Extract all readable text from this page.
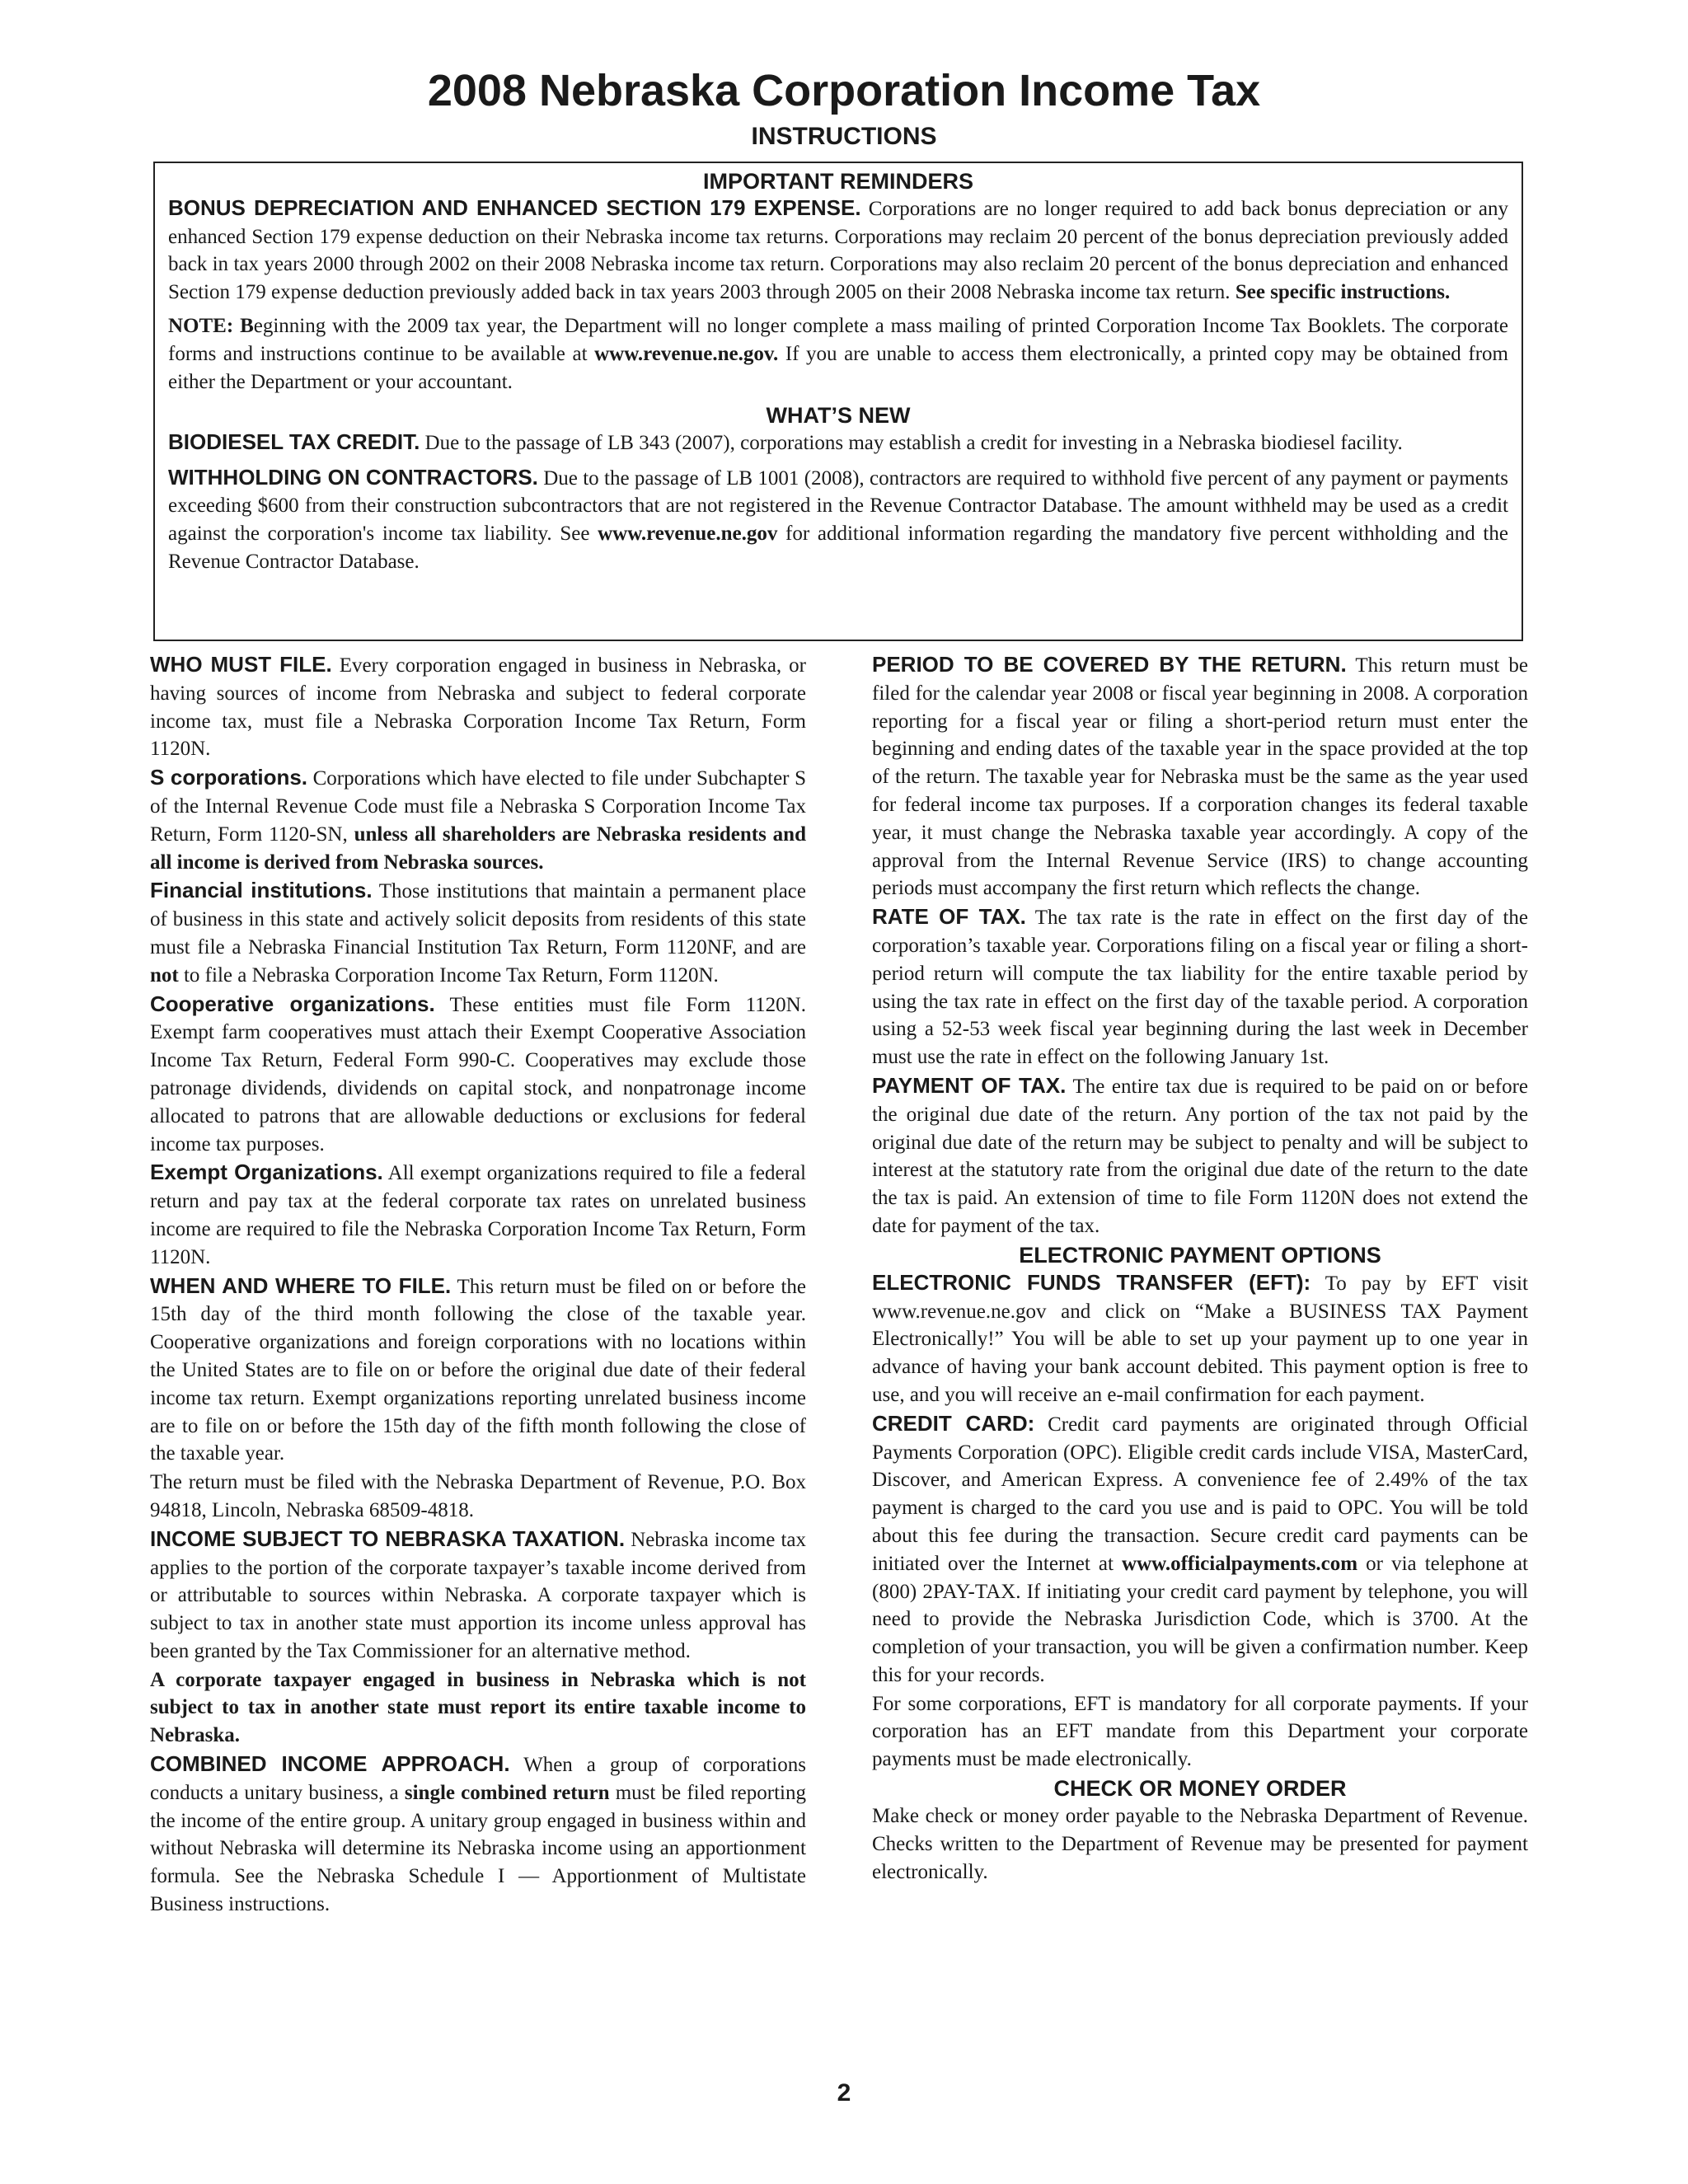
2008 Nebraska Corporation Income Tax
INSTRUCTIONS
IMPORTANT REMINDERS

BONUS DEPRECIATION AND ENHANCED SECTION 179 EXPENSE. Corporations are no longer required to add back bonus depreciation or any enhanced Section 179 expense deduction on their Nebraska income tax returns. Corporations may reclaim 20 percent of the bonus depreciation previously added back in tax years 2000 through 2002 on their 2008 Nebraska income tax return. Corporations may also reclaim 20 percent of the bonus depreciation and enhanced Section 179 expense deduction previously added back in tax years 2003 through 2005 on their 2008 Nebraska income tax return. See specific instructions.

NOTE: Beginning with the 2009 tax year, the Department will no longer complete a mass mailing of printed Corporation Income Tax Booklets. The corporate forms and instructions continue to be available at www.revenue.ne.gov. If you are unable to access them electronically, a printed copy may be obtained from either the Department or your accountant.

WHAT’S NEW

BIODIESEL TAX CREDIT. Due to the passage of LB 343 (2007), corporations may establish a credit for investing in a Nebraska biodiesel facility.

WITHHOLDING ON CONTRACTORS. Due to the passage of LB 1001 (2008), contractors are required to withhold five percent of any payment or payments exceeding $600 from their construction subcontractors that are not registered in the Revenue Contractor Database. The amount withheld may be used as a credit against the corporation's income tax liability. See www.revenue.ne.gov for additional information regarding the mandatory five percent withholding and the Revenue Contractor Database.

WHO MUST FILE. Every corporation engaged in business in Nebraska, or having sources of income from Nebraska and subject to federal corporate income tax, must file a Nebraska Corporation Income Tax Return, Form 1120N.

S corporations. Corporations which have elected to file under Subchapter S of the Internal Revenue Code must file a Nebraska S Corporation Income Tax Return, Form 1120-SN, unless all shareholders are Nebraska residents and all income is derived from Nebraska sources.

Financial institutions. Those institutions that maintain a permanent place of business in this state and actively solicit deposits from residents of this state must file a Nebraska Financial Institution Tax Return, Form 1120NF, and are not to file a Nebraska Corporation Income Tax Return, Form 1120N.

Cooperative organizations. These entities must file Form 1120N. Exempt farm cooperatives must attach their Exempt Cooperative Association Income Tax Return, Federal Form 990-C. Cooperatives may exclude those patronage dividends, dividends on capital stock, and nonpatronage income allocated to patrons that are allowable deductions or exclusions for federal income tax purposes.

Exempt Organizations. All exempt organizations required to file a federal return and pay tax at the federal corporate tax rates on unrelated business income are required to file the Nebraska Corporation Income Tax Return, Form 1120N.

WHEN AND WHERE TO FILE. This return must be filed on or before the 15th day of the third month following the close of the taxable year. Cooperative organizations and foreign corporations with no locations within the United States are to file on or before the original due date of their federal income tax return. Exempt organizations reporting unrelated business income are to file on or before the 15th day of the fifth month following the close of the taxable year.

The return must be filed with the Nebraska Department of Revenue, P.O. Box 94818, Lincoln, Nebraska 68509-4818.

INCOME SUBJECT TO NEBRASKA TAXATION. Nebraska income tax applies to the portion of the corporate taxpayer’s taxable income derived from or attributable to sources within Nebraska. A corporate taxpayer which is subject to tax in another state must apportion its income unless approval has been granted by the Tax Commissioner for an alternative method.

A corporate taxpayer engaged in business in Nebraska which is not subject to tax in another state must report its entire taxable income to Nebraska.

COMBINED INCOME APPROACH. When a group of corporations conducts a unitary business, a single combined return must be filed reporting the income of the entire group. A unitary group engaged in business within and without Nebraska will determine its Nebraska income using an apportionment formula. See the Nebraska Schedule I — Apportionment of Multistate Business instructions.

PERIOD TO BE COVERED BY THE RETURN. This return must be filed for the calendar year 2008 or fiscal year beginning in 2008. A corporation reporting for a fiscal year or filing a short-period return must enter the beginning and ending dates of the taxable year in the space provided at the top of the return. The taxable year for Nebraska must be the same as the year used for federal income tax purposes. If a corporation changes its federal taxable year, it must change the Nebraska taxable year accordingly. A copy of the approval from the Internal Revenue Service (IRS) to change accounting periods must accompany the first return which reflects the change.

RATE OF TAX. The tax rate is the rate in effect on the first day of the corporation’s taxable year. Corporations filing on a fiscal year or filing a short-period return will compute the tax liability for the entire taxable period by using the tax rate in effect on the first day of the taxable period. A corporation using a 52-53 week fiscal year beginning during the last week in December must use the rate in effect on the following January 1st.

PAYMENT OF TAX. The entire tax due is required to be paid on or before the original due date of the return. Any portion of the tax not paid by the original due date of the return may be subject to penalty and will be subject to interest at the statutory rate from the original due date of the return to the date the tax is paid. An extension of time to file Form 1120N does not extend the date for payment of the tax.

ELECTRONIC PAYMENT OPTIONS

ELECTRONIC FUNDS TRANSFER (EFT): To pay by EFT visit www.revenue.ne.gov and click on “Make a BUSINESS TAX Payment Electronically!” You will be able to set up your payment up to one year in advance of having your bank account debited. This payment option is free to use, and you will receive an e-mail confirmation for each payment.

CREDIT CARD: Credit card payments are originated through Official Payments Corporation (OPC). Eligible credit cards include VISA, MasterCard, Discover, and American Express. A convenience fee of 2.49% of the tax payment is charged to the card you use and is paid to OPC. You will be told about this fee during the transaction. Secure credit card payments can be initiated over the Internet at www.officialpayments.com or via telephone at (800) 2PAY-TAX. If initiating your credit card payment by telephone, you will need to provide the Nebraska Jurisdiction Code, which is 3700. At the completion of your transaction, you will be given a confirmation number. Keep this for your records.

For some corporations, EFT is mandatory for all corporate payments. If your corporation has an EFT mandate from this Department your corporate payments must be made electronically.

CHECK OR MONEY ORDER

Make check or money order payable to the Nebraska Department of Revenue. Checks written to the Department of Revenue may be presented for payment electronically.

2
